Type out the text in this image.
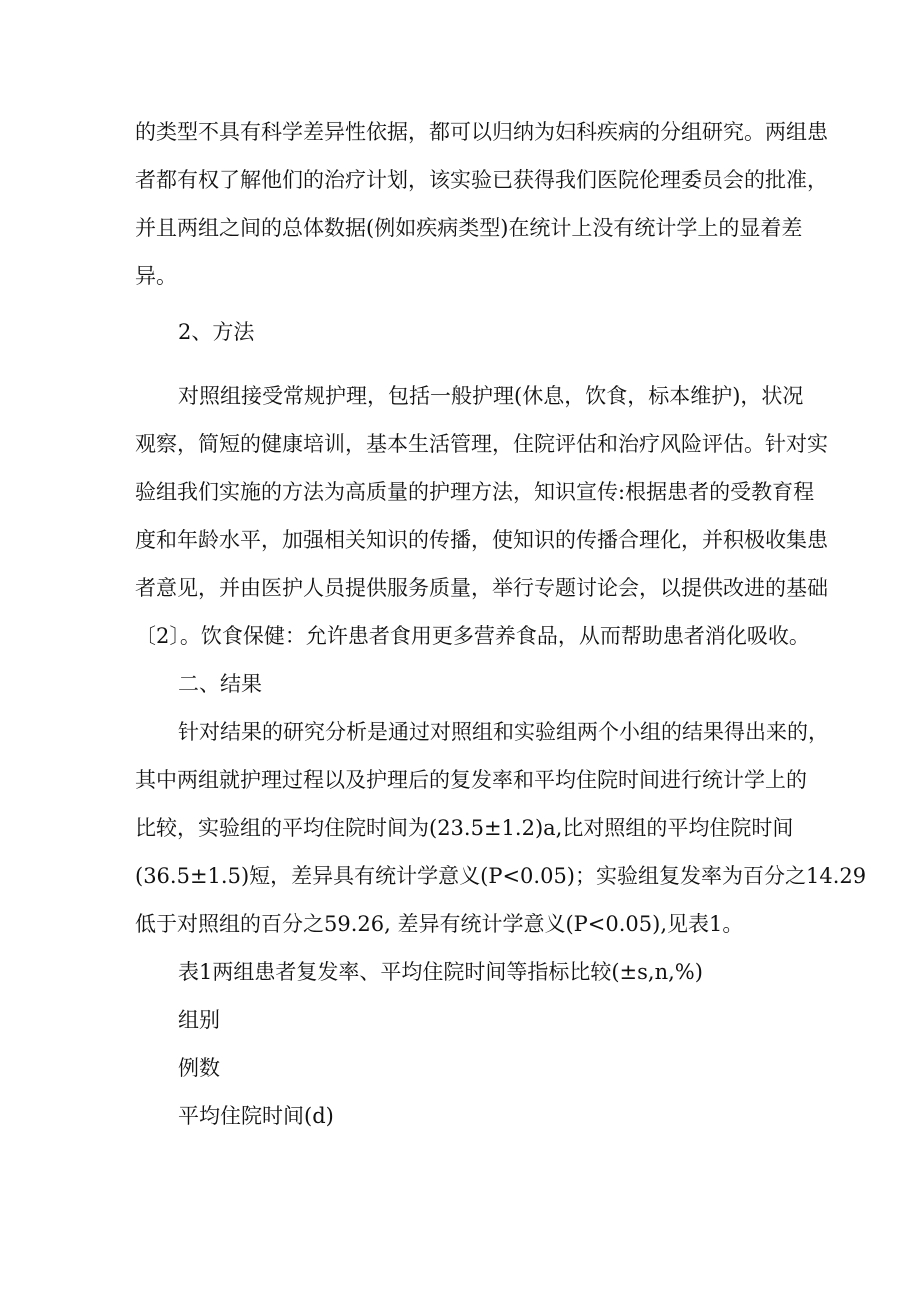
的类型不具有科学差异性依据，都可以归纳为妇科疾病的分组研究。两组患
者都有权了解他们的治疗计划，该实验已获得我们医院伦理委员会的批准，
并且两组之间的总体数据(例如疾病类型)在统计上没有统计学上的显着差
异。
2、方法
对照组接受常规护理，包括一般护理(休息，饮食，标本维护)，状况
观察，简短的健康培训，基本生活管理，住院评估和治疗风险评估。针对实
验组我们实施的方法为高质量的护理方法，知识宣传:根据患者的受教育程
度和年龄水平，加强相关知识的传播，使知识的传播合理化，并积极收集患
者意见，并由医护人员提供服务质量，举行专题讨论会，以提供改进的基础
〔2〕。饮食保健：允许患者食用更多营养食品，从而帮助患者消化吸收。
二、结果
针对结果的研究分析是通过对照组和实验组两个小组的结果得出来的，
其中两组就护理过程以及护理后的复发率和平均住院时间进行统计学上的
比较，实验组的平均住院时间为(23.5±1.2)a,比对照组的平均住院时间
(36.5±1.5)短，差异具有统计学意义(P<0.05)；实验组复发率为百分之14.29
低于对照组的百分之59.26, 差异有统计学意义(P<0.05),见表1。
表1两组患者复发率、平均住院时间等指标比较(±s,n,%)
组别
例数
平均住院时间(d)
